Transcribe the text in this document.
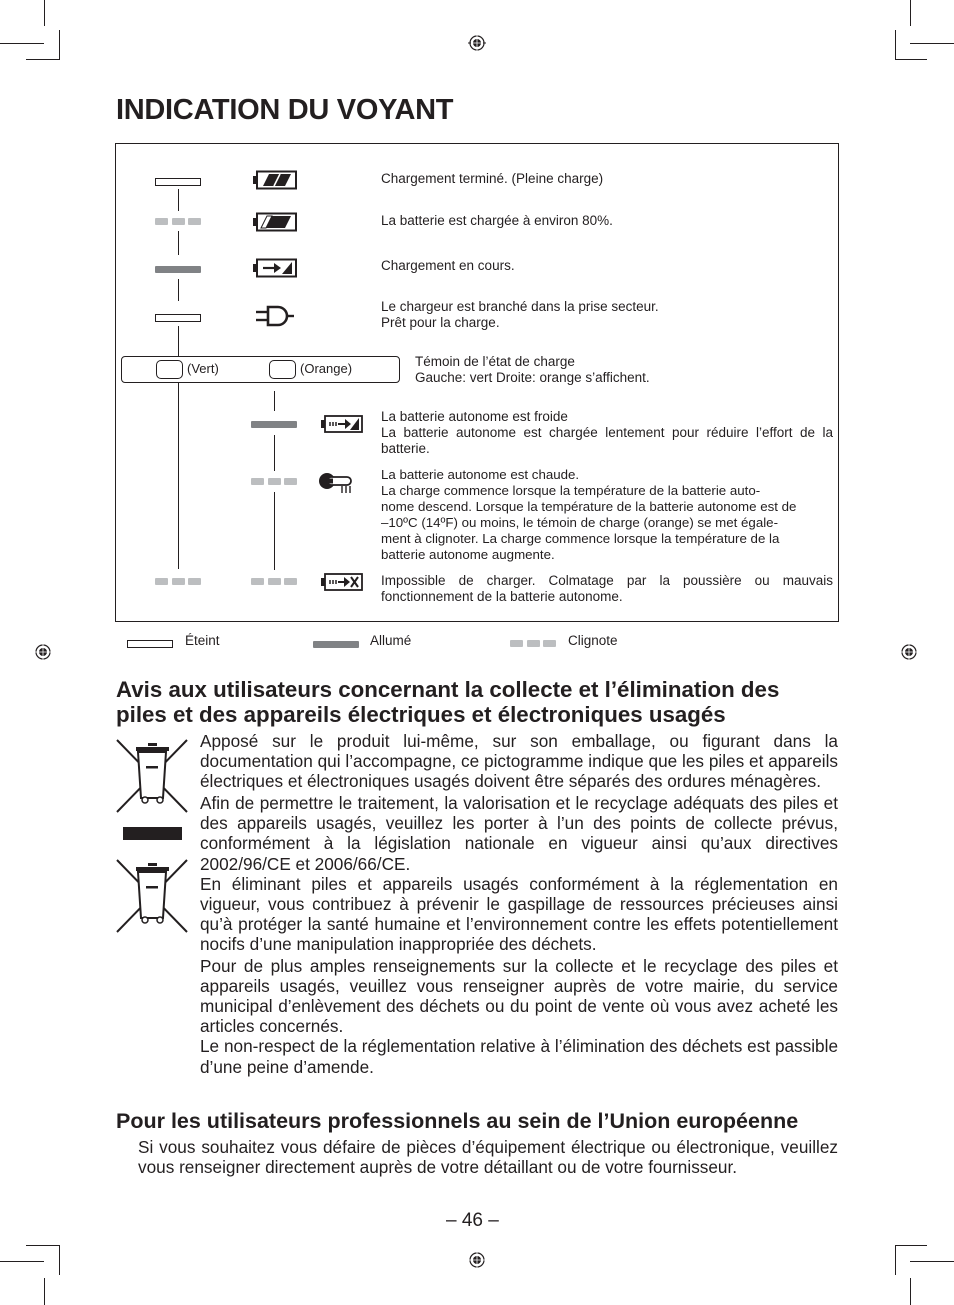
INDICATION DU VOYANT
Chargement terminé. (Pleine charge)
La batterie est chargée à environ 80%.
Chargement en cours.
Le chargeur est branché dans la prise secteur.
Prêt pour la charge.
(Vert)	(Orange)	Témoin de l’état de charge
Gauche: vert Droite: orange s’affichent.
La batterie autonome est froide
La batterie autonome est chargée lentement pour réduire l’effort de la batterie.
La batterie autonome est chaude.
La charge commence lorsque la température de la batterie auto-
nome descend. Lorsque la température de la batterie autonome est de
–10ºC (14ºF) ou moins, le témoin de charge (orange) se met égale-
ment à clignoter. La charge commence lorsque la température de la
batterie autonome augmente.
Impossible de charger. Colmatage par la poussière ou mauvais fonctionnement de la batterie autonome.
Éteint	Allumé	Clignote
Avis aux utilisateurs concernant la collecte et l’élimination des
piles et des appareils électriques et électroniques usagés

Apposé sur le produit lui-même, sur son emballage, ou figurant dans la documentation qui l’accompagne, ce pictogramme indique que les piles et appareils électriques et électroniques usagés doivent être séparés des ordures ménagères.

Afin de permettre le traitement, la valorisation et le recyclage adéquats des piles et des appareils usagés, veuillez les porter à l’un des points de collecte prévus, conformément à la législation nationale en vigueur ainsi qu’aux directives 2002/96/CE et 2006/66/CE.

En éliminant piles et appareils usagés conformément à la réglementation en vigueur, vous contribuez à prévenir le gaspillage de ressources précieuses ainsi qu’à protéger la santé humaine et l’environnement contre les effets potentiellement nocifs d’une manipulation inappropriée des déchets.

Pour de plus amples renseignements sur la collecte et le recyclage des piles et appareils usagés, veuillez vous renseigner auprès de votre mairie, du service municipal d’enlèvement des déchets ou du point de vente où vous avez acheté les articles concernés.

Le non-respect de la réglementation relative à l’élimination des déchets est passible d’une peine d’amende.

Pour les utilisateurs professionnels au sein de l’Union européenne

Si vous souhaitez vous défaire de pièces d’équipement électrique ou électronique, veuillez vous renseigner directement auprès de votre détaillant ou de votre fournisseur.

– 46 –
